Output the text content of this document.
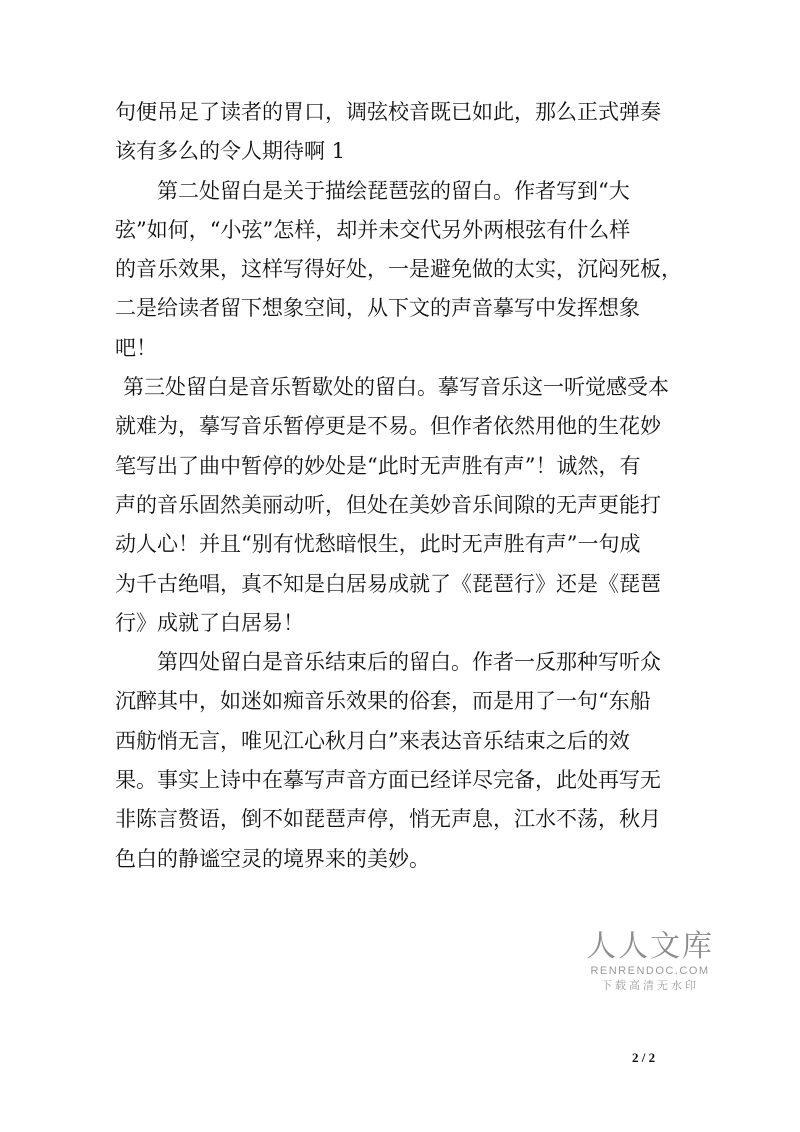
句便吊足了读者的胃口，调弦校音既已如此，那么正式弹奏
该有多么的令人期待啊 1

第二处留白是关于描绘琵琶弦的留白。作者写到“大

弦”如何，“小弦”怎样，却并未交代另外两根弦有什么样
的音乐效果，这样写得好处，一是避免做的太实，沉闷死板，
二是给读者留下想象空间，从下文的声音摹写中发挥想象
吧！

第三处留白是音乐暂歇处的留白。摹写音乐这一听觉感受本

就难为，摹写音乐暂停更是不易。但作者依然用他的生花妙
笔写出了曲中暂停的妙处是“此时无声胜有声”！诚然，有
声的音乐固然美丽动听，但处在美妙音乐间隙的无声更能打
动人心！并且“别有忧愁暗恨生，此时无声胜有声”一句成
为千古绝唱，真不知是白居易成就了《琵琶行》还是《琵琶
行》成就了白居易！

第四处留白是音乐结束后的留白。作者一反那种写听众

沉醉其中，如迷如痴音乐效果的俗套，而是用了一句“东船
西舫悄无言，唯见江心秋月白”来表达音乐结束之后的效
果。事实上诗中在摹写声音方面已经详尽完备，此处再写无
非陈言赘语，倒不如琵琶声停，悄无声息，江水不荡，秋月
色白的静谧空灵的境界来的美妙。

人人文库
RENRENDOC.COM
下载高清无水印
2 / 2
